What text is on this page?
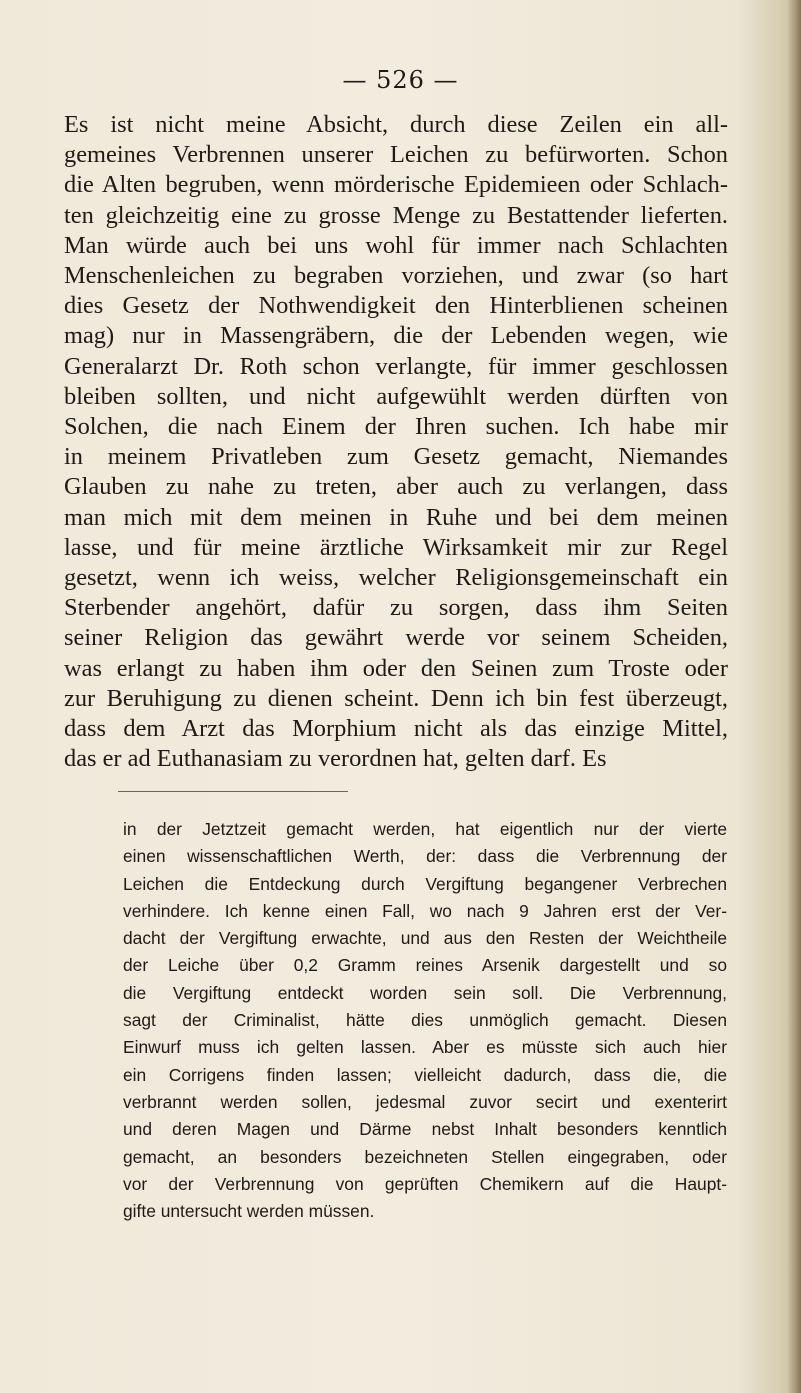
— 526 —
Es ist nicht meine Absicht, durch diese Zeilen ein all-
gemeines Verbrennen unserer Leichen zu befürworten. Schon
die Alten begruben, wenn mörderische Epidemieen oder Schlach-
ten gleichzeitig eine zu grosse Menge zu Bestattender lieferten.
Man würde auch bei uns wohl für immer nach Schlachten
Menschenleichen zu begraben vorziehen, und zwar (so hart
dies Gesetz der Nothwendigkeit den Hinterblienen scheinen
mag) nur in Massengräbern, die der Lebenden wegen, wie
Generalarzt Dr. Roth schon verlangte, für immer geschlossen
bleiben sollten, und nicht aufgewühlt werden dürften von
Solchen, die nach Einem der Ihren suchen. Ich habe mir
in meinem Privatleben zum Gesetz gemacht, Niemandes
Glauben zu nahe zu treten, aber auch zu verlangen, dass
man mich mit dem meinen in Ruhe und bei dem meinen
lasse, und für meine ärztliche Wirksamkeit mir zur Regel
gesetzt, wenn ich weiss, welcher Religionsgemeinschaft ein
Sterbender angehört, dafür zu sorgen, dass ihm Seiten
seiner Religion das gewährt werde vor seinem Scheiden,
was erlangt zu haben ihm oder den Seinen zum Troste oder
zur Beruhigung zu dienen scheint. Denn ich bin fest überzeugt,
dass dem Arzt das Morphium nicht als das einzige Mittel,
das er ad Euthanasiam zu verordnen hat, gelten darf. Es
in der Jetztzeit gemacht werden, hat eigentlich nur der vierte
einen wissenschaftlichen Werth, der: dass die Verbrennung der
Leichen die Entdeckung durch Vergiftung begangener Verbrechen
verhindere. Ich kenne einen Fall, wo nach 9 Jahren erst der Ver-
dacht der Vergiftung erwachte, und aus den Resten der Weichtheile
der Leiche über 0,2 Gramm reines Arsenik dargestellt und so
die Vergiftung entdeckt worden sein soll. Die Verbrennung,
sagt der Criminalist, hätte dies unmöglich gemacht. Diesen
Einwurf muss ich gelten lassen. Aber es müsste sich auch hier
ein Corrigens finden lassen; vielleicht dadurch, dass die, die
verbrannt werden sollen, jedesmal zuvor secirt und exenterirt
und deren Magen und Därme nebst Inhalt besonders kenntlich
gemacht, an besonders bezeichneten Stellen eingegraben, oder
vor der Verbrennung von geprüften Chemikern auf die Haupt-
gifte untersucht werden müssen.
